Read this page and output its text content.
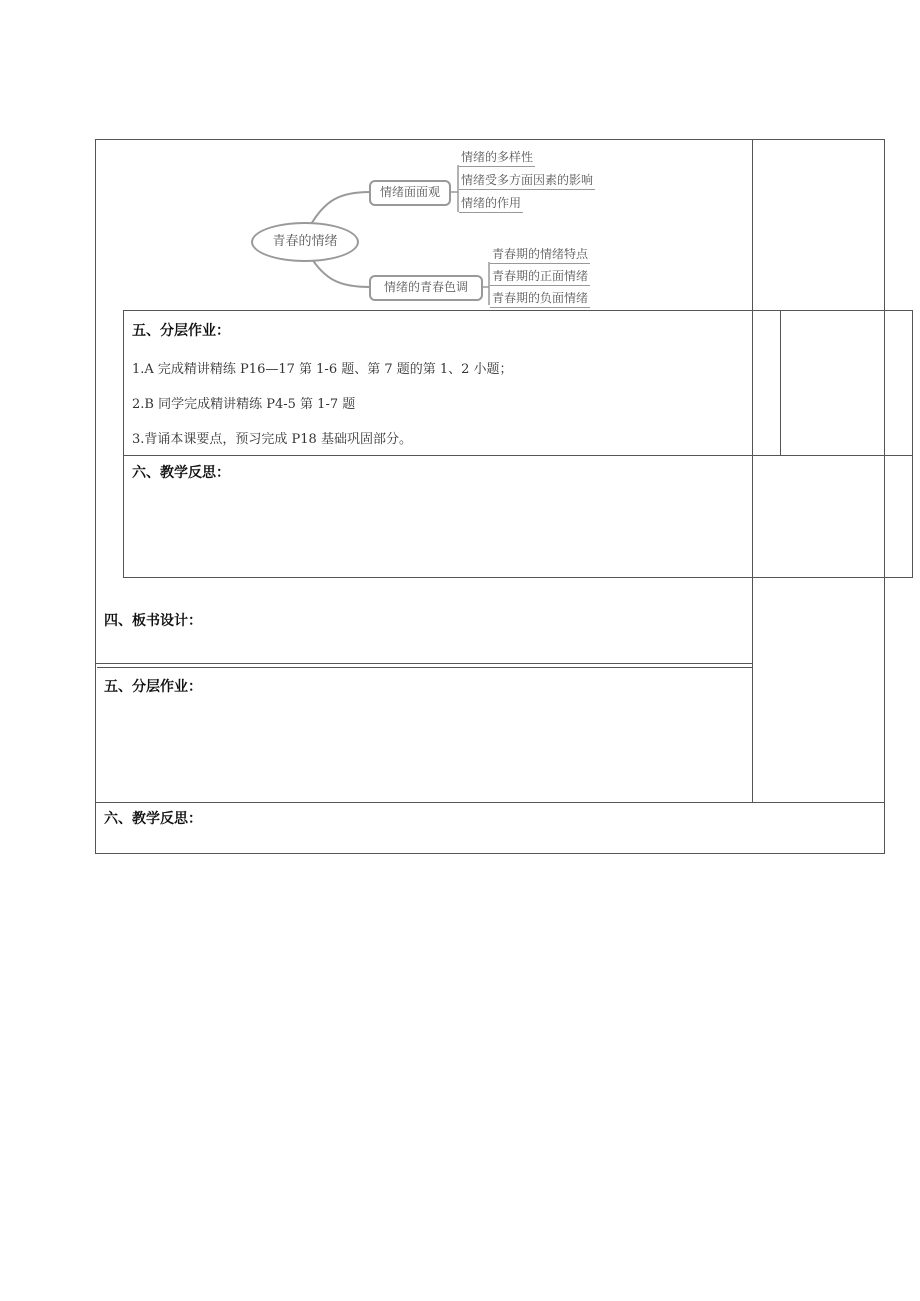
青春的情绪
情绪面面观
情绪的青春色调
情绪的多样性
情绪受多方面因素的影响
情绪的作用
青春期的情绪特点
青春期的正面情绪
青春期的负面情绪
五、分层作业：
1.A 完成精讲精练 P16—17 第 1-6 题、第 7 题的第 1、2 小题；
2.B 同学完成精讲精练 P4-5 第 1-7 题
3.背诵本课要点，预习完成 P18 基础巩固部分。
六、教学反思：
四、板书设计：
五、分层作业：
六、教学反思：
